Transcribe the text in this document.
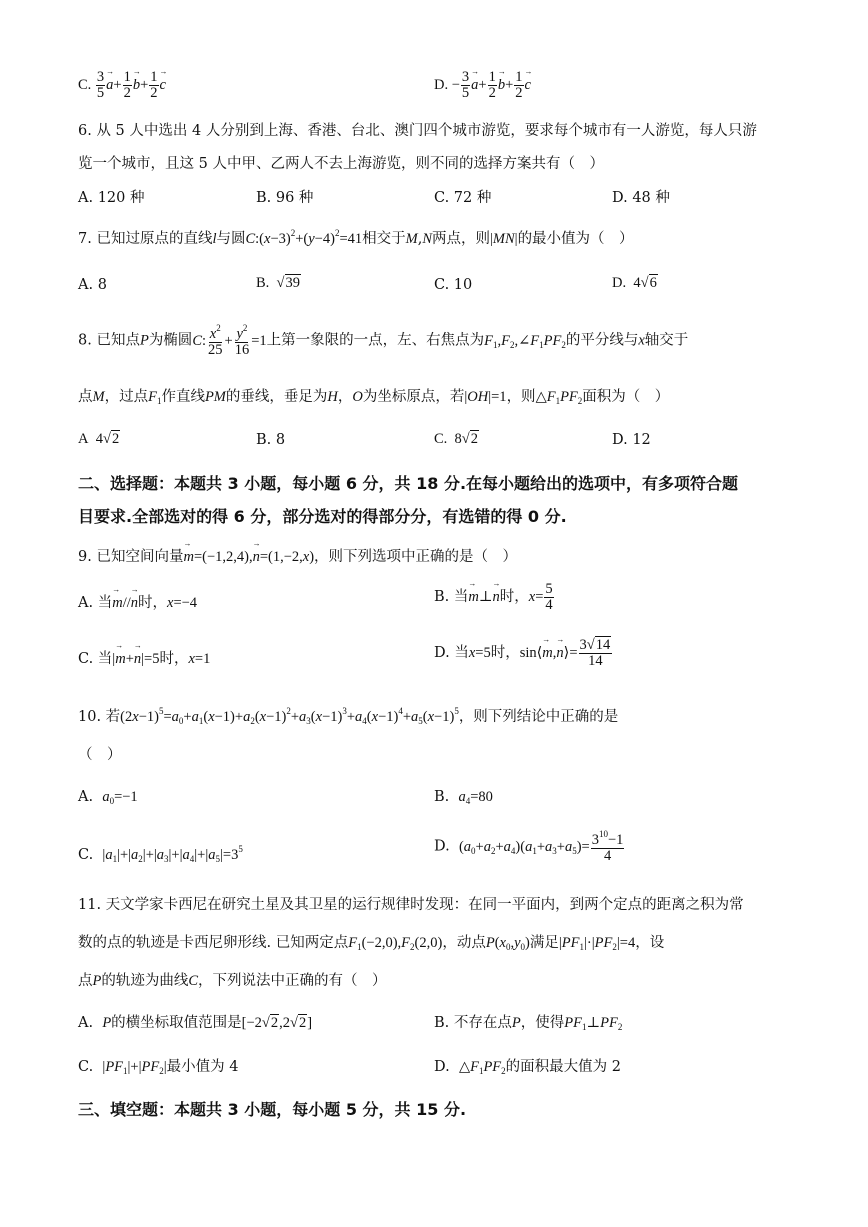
C. $\frac{3}{5}$
→ $a+ \frac{1}{2}$
→ $b+ \frac{1}{2}$
→ c	D. − $\frac{3}{5}$
→ $a+ \frac{1}{2}$
→ $b+ \frac{1}{2}$
→ c
6. 从 5 人中选出 4 人分别到上海、香港、台北、澳门四个城市游览，要求每个城市有一人游览，每人只游
览一个城市，且这 5 人中甲、乙两人不去上海游览，则不同的选择方案共有（　）
A. 120 种	B. 96 种	C. 72 种	D. 48 种
7. 已知过原点的直线l与圆$C:(x-3)^2+(y-4)^2=41$相交于M,N两点，则|MN|的最小值为（　）
A. 8	B.  √39	C. 10	D. 4√6
8. 已知点P为椭圆C: $\frac{x^2}{25} + \frac{y^2}{16} =1$上第一象限的一点，左、右焦点为$F_1,F_2,\angle F_1PF_2$的平分线与x轴交于
点M，过点$F_1$作直线PM的垂线，垂足为H，O为坐标原点，若|OH|=1，则$\triangle F_1PF_2$面积为（　）
A 4√2	B. 8	C. 8√2	D. 12
二、选择题：本题共 3 小题，每小题 6 分，共 18 分.在每小题给出的选项中，有多项符合题
目要求.全部选对的得 6 分，部分选对的得部分分，有选错的得 0 分.
9. 已知空间向量→ m=(−1,2,4),→ n=(1,−2,x)，则下列选项中正确的是（　）
A. 当→ m//→ n时，x=−4	B. 当→ m⊥→ n时，$x= \frac{5}{4}$
C. 当|→ m+→ n|=5时，x=1	D. 当x=5时，sin⟨→ m,→ n⟩= $\frac{3√14}{14}$
10. 若$(2x-1)^5=a_0+a_1(x-1)+a_2(x-1)^2+a_3(x-1)^3+a_4(x-1)^4+a_5(x-1)^5$，则下列结论中正确的是
（　）
A. $a_0=-1$	B. $a_4=80$
C. $|a_1|+|a_2|+|a_3|+|a_4|+|a_5|=3^5$	D. $(a_0+a_2+a_4)(a_1+a_3+a_5)= \frac{3^{10}-1}{4}$
11. 天文学家卡西尼在研究土星及其卫星的运行规律时发现：在同一平面内，到两个定点的距离之积为常
数的点的轨迹是卡西尼卵形线. 已知两定点$F_1(-2,0),F_2(2,0)$，动点$P(x_0,y_0)$满足$|PF_1|\cdot|PF_2|=4$，设
点P的轨迹为曲线C，下列说法中正确的有（　）
A. P的横坐标取值范围是[−2√2,2√2]	B. 不存在点P，使得$PF_1\perp PF_2$
C. $|PF_1|+|PF_2|$最小值为 4	D. $\triangle F_1PF_2$的面积最大值为 2
三、填空题：本题共 3 小题，每小题 5 分，共 15 分.
